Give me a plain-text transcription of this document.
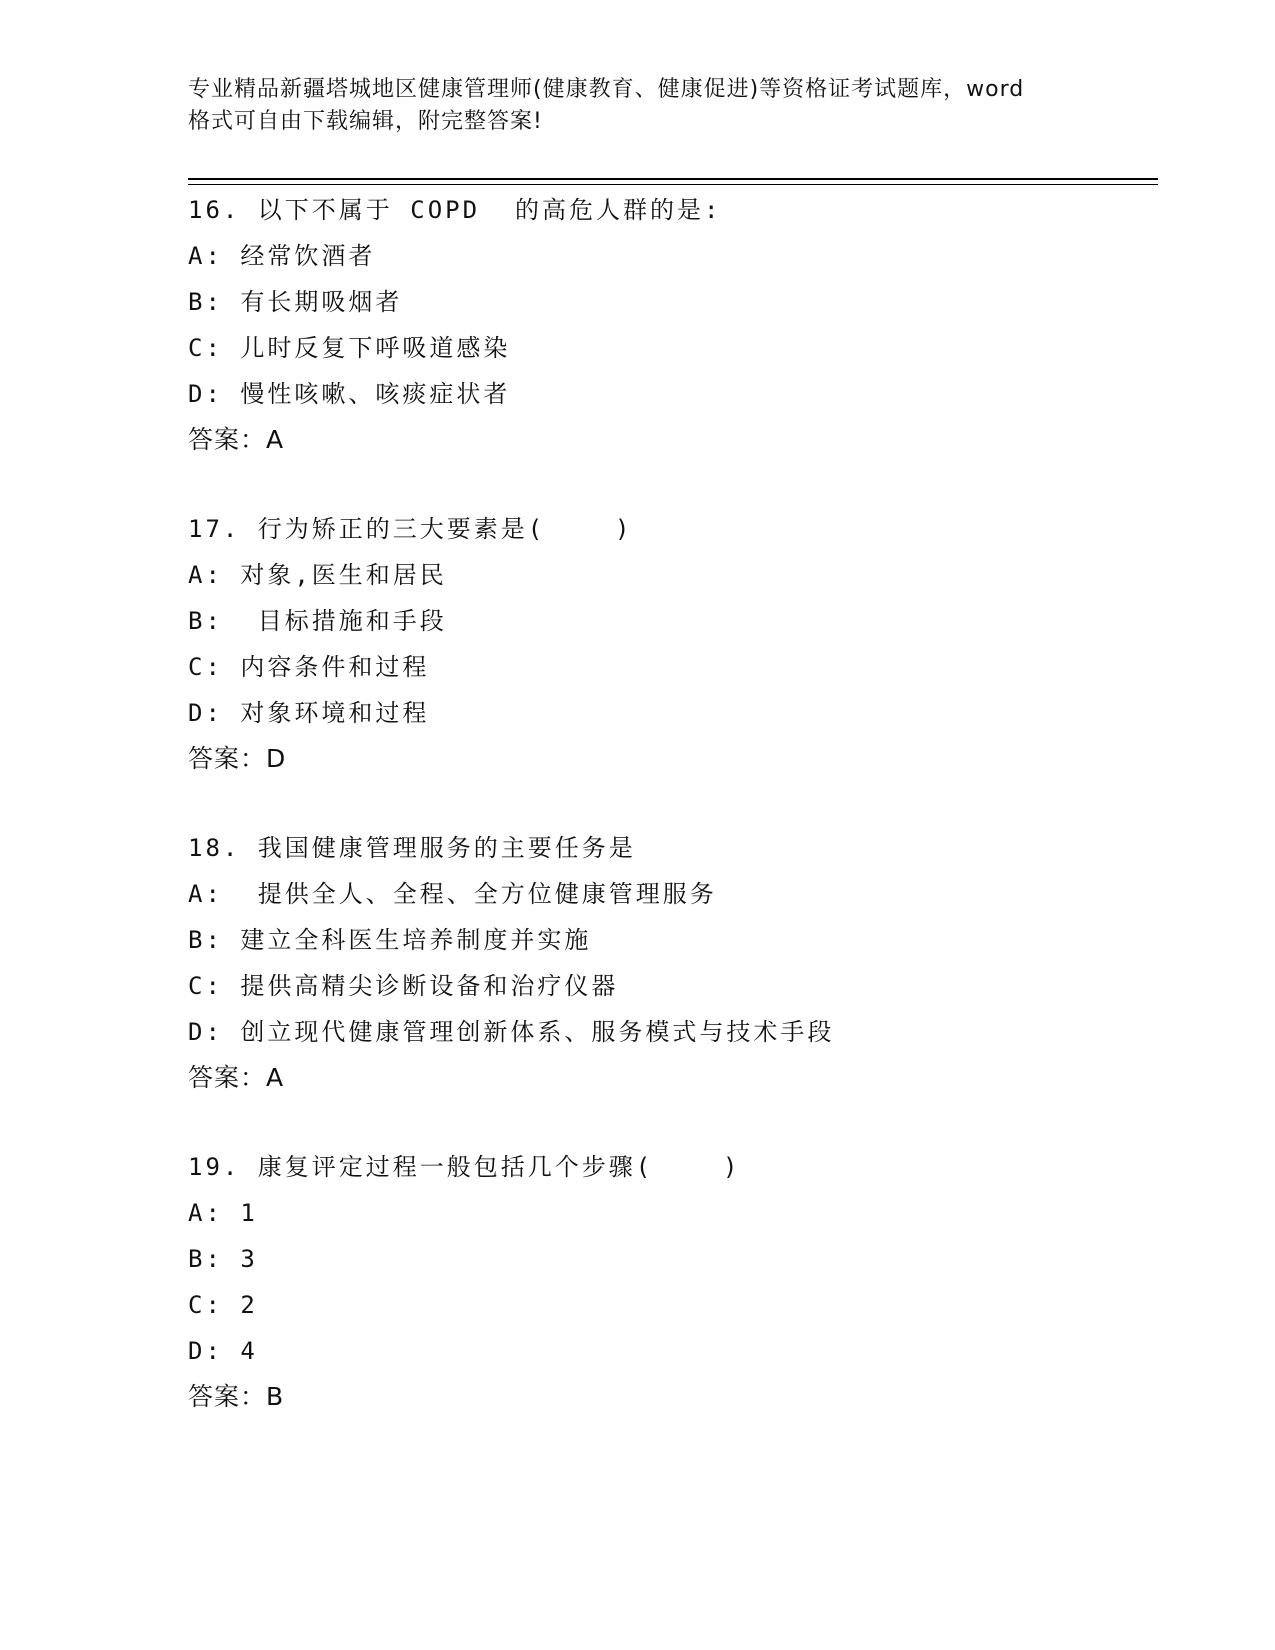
专业精品新疆塔城地区健康管理师(健康教育、健康促进)等资格证考试题库，word
格式可自由下载编辑，附完整答案!
16. 以下不属于 COPD  的高危人群的是:
A: 经常饮酒者
B: 有长期吸烟者
C: 儿时反复下呼吸道感染
D: 慢性咳嗽、咳痰症状者
答案：A
17. 行为矫正的三大要素是(    )
A: 对象,医生和居民
B:  目标措施和手段
C: 内容条件和过程
D: 对象环境和过程
答案：D
18. 我国健康管理服务的主要任务是
A:  提供全人、全程、全方位健康管理服务
B: 建立全科医生培养制度并实施
C: 提供高精尖诊断设备和治疗仪器
D: 创立现代健康管理创新体系、服务模式与技术手段
答案：A
19. 康复评定过程一般包括几个步骤(    )
A: 1
B: 3
C: 2
D: 4
答案：B
